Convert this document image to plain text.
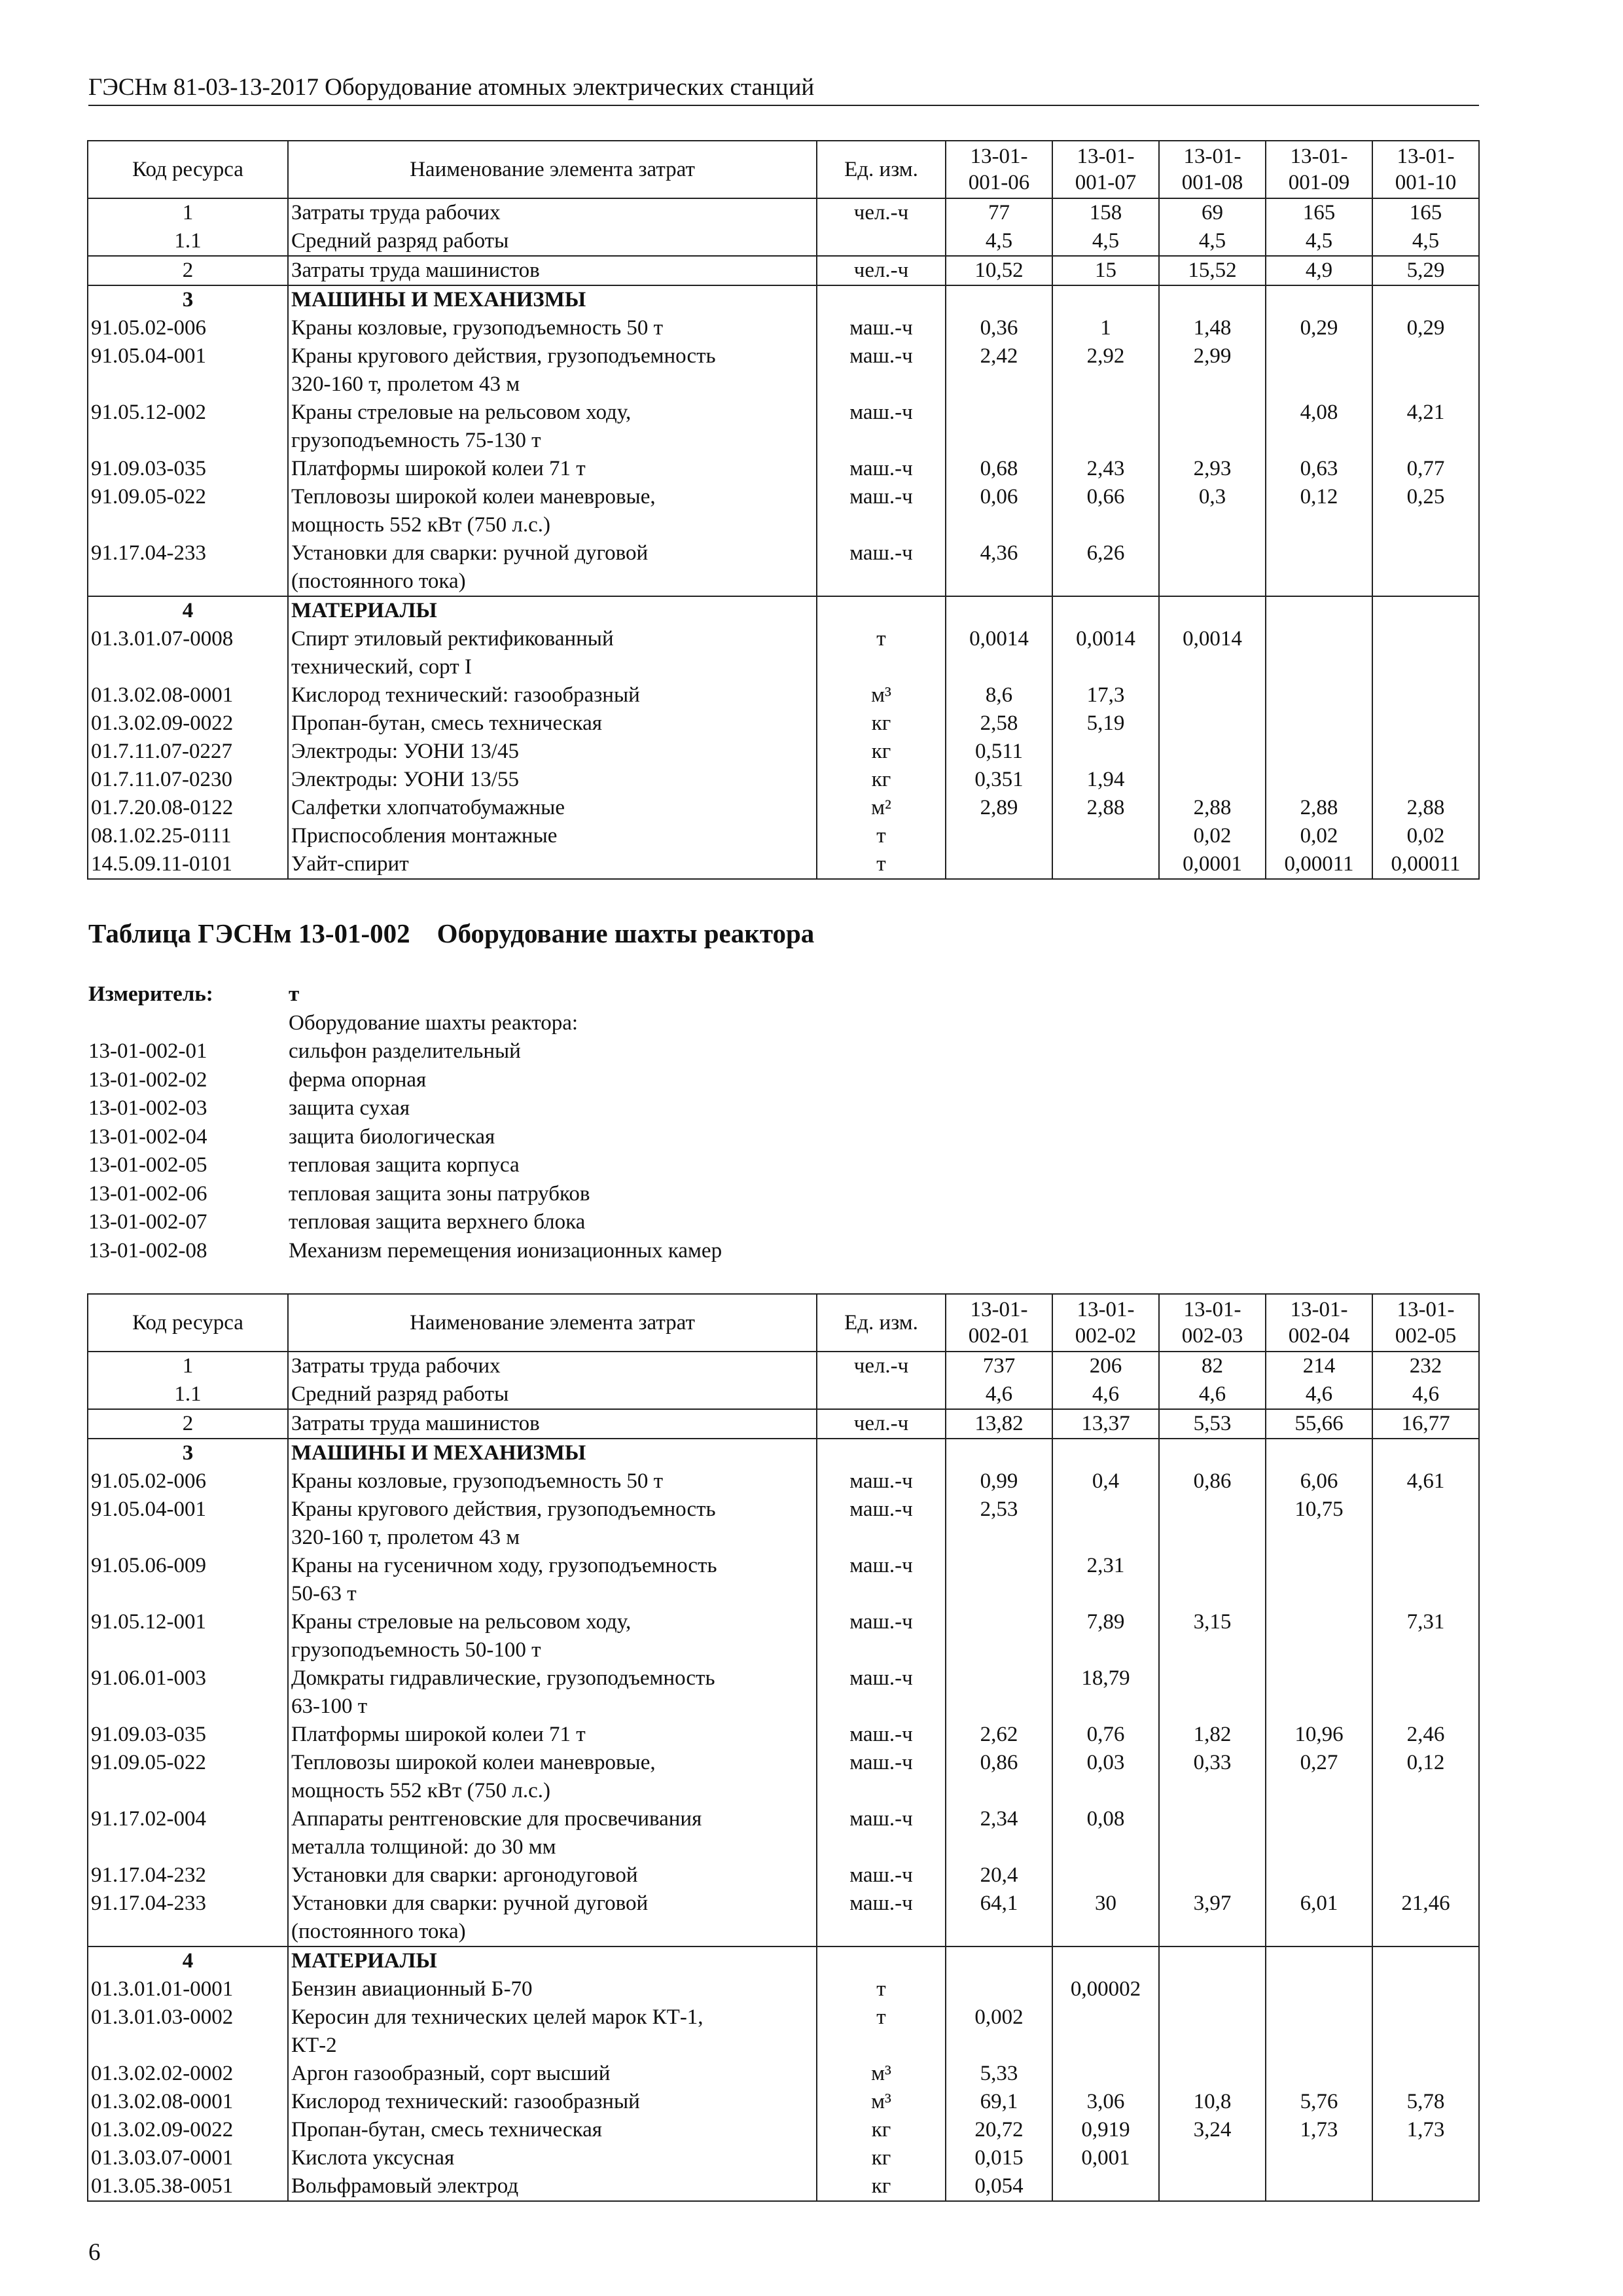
ГЭСНм 81-03-13-2017 Оборудование атомных электрических станций
Код ресурса	Наименование элемента затрат	Ед. изм.	13-01-
001-06	13-01-
001-07	13-01-
001-08	13-01-
001-09	13-01-
001-10
1	Затраты труда рабочих	чел.-ч	77	158	69	165	165
1.1	Средний разряд работы		4,5	4,5	4,5	4,5	4,5
2	Затраты труда машинистов	чел.-ч	10,52	15	15,52	4,9	5,29
3	МАШИНЫ И МЕХАНИЗМЫ						
91.05.02-006	Краны козловые, грузоподъемность 50 т	маш.-ч	0,36	1	1,48	0,29	0,29
91.05.04-001	Краны кругового действия, грузоподъемность
320-160 т, пролетом 43 м	маш.-ч	2,42	2,92	2,99		
91.05.12-002	Краны стреловые на рельсовом ходу,
грузоподъемность 75-130 т	маш.-ч				4,08	4,21
91.09.03-035	Платформы широкой колеи 71 т	маш.-ч	0,68	2,43	2,93	0,63	0,77
91.09.05-022	Тепловозы широкой колеи маневровые,
мощность 552 кВт (750 л.с.)	маш.-ч	0,06	0,66	0,3	0,12	0,25
91.17.04-233	Установки для сварки: ручной дуговой
(постоянного тока)	маш.-ч	4,36	6,26			
4	МАТЕРИАЛЫ						
01.3.01.07-0008	Спирт этиловый ректификованный
технический, сорт I	т	0,0014	0,0014	0,0014		
01.3.02.08-0001	Кислород технический: газообразный	м³	8,6	17,3			
01.3.02.09-0022	Пропан-бутан, смесь техническая	кг	2,58	5,19			
01.7.11.07-0227	Электроды: УОНИ 13/45	кг	0,511				
01.7.11.07-0230	Электроды: УОНИ 13/55	кг	0,351	1,94			
01.7.20.08-0122	Салфетки хлопчатобумажные	м²	2,89	2,88	2,88	2,88	2,88
08.1.02.25-0111	Приспособления монтажные	т			0,02	0,02	0,02
14.5.09.11-0101	Уайт-спирит	т			0,0001	0,00011	0,00011
Таблица ГЭСНм 13-01-002    Оборудование шахты реактора
Измеритель:	т
Оборудование шахты реактора:
13-01-002-01	сильфон разделительный
13-01-002-02	ферма опорная
13-01-002-03	защита сухая
13-01-002-04	защита биологическая
13-01-002-05	тепловая защита корпуса
13-01-002-06	тепловая защита зоны патрубков
13-01-002-07	тепловая защита верхнего блока
13-01-002-08	Механизм перемещения ионизационных камер
Код ресурса	Наименование элемента затрат	Ед. изм.	13-01-
002-01	13-01-
002-02	13-01-
002-03	13-01-
002-04	13-01-
002-05
1	Затраты труда рабочих	чел.-ч	737	206	82	214	232
1.1	Средний разряд работы		4,6	4,6	4,6	4,6	4,6
2	Затраты труда машинистов	чел.-ч	13,82	13,37	5,53	55,66	16,77
3	МАШИНЫ И МЕХАНИЗМЫ						
91.05.02-006	Краны козловые, грузоподъемность 50 т	маш.-ч	0,99	0,4	0,86	6,06	4,61
91.05.04-001	Краны кругового действия, грузоподъемность
320-160 т, пролетом 43 м	маш.-ч	2,53			10,75	
91.05.06-009	Краны на гусеничном ходу, грузоподъемность
50-63 т	маш.-ч		2,31			
91.05.12-001	Краны стреловые на рельсовом ходу,
грузоподъемность 50-100 т	маш.-ч		7,89	3,15		7,31
91.06.01-003	Домкраты гидравлические, грузоподъемность
63-100 т	маш.-ч		18,79			
91.09.03-035	Платформы широкой колеи 71 т	маш.-ч	2,62	0,76	1,82	10,96	2,46
91.09.05-022	Тепловозы широкой колеи маневровые,
мощность 552 кВт (750 л.с.)	маш.-ч	0,86	0,03	0,33	0,27	0,12
91.17.02-004	Аппараты рентгеновские для просвечивания
металла толщиной: до 30 мм	маш.-ч	2,34	0,08			
91.17.04-232	Установки для сварки: аргонодуговой	маш.-ч	20,4				
91.17.04-233	Установки для сварки: ручной дуговой
(постоянного тока)	маш.-ч	64,1	30	3,97	6,01	21,46
4	МАТЕРИАЛЫ						
01.3.01.01-0001	Бензин авиационный Б-70	т		0,00002			
01.3.01.03-0002	Керосин для технических целей марок КТ-1,
КТ-2	т	0,002				
01.3.02.02-0002	Аргон газообразный, сорт высший	м³	5,33				
01.3.02.08-0001	Кислород технический: газообразный	м³	69,1	3,06	10,8	5,76	5,78
01.3.02.09-0022	Пропан-бутан, смесь техническая	кг	20,72	0,919	3,24	1,73	1,73
01.3.03.07-0001	Кислота уксусная	кг	0,015	0,001			
01.3.05.38-0051	Вольфрамовый электрод	кг	0,054				
6
